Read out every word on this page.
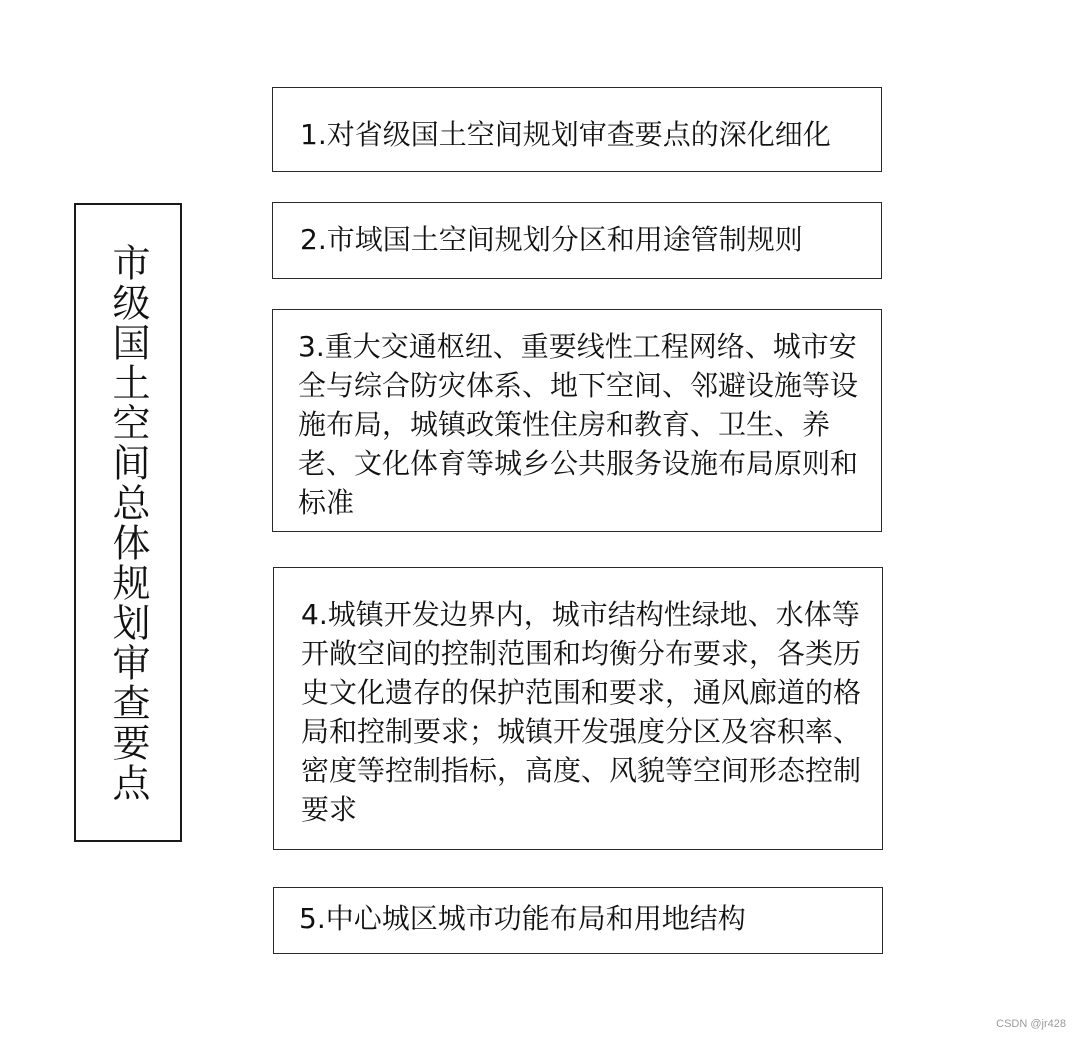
市级国土空间总体规划审查要点
1.对省级国土空间规划审查要点的深化细化
2.市域国土空间规划分区和用途管制规则
3.重大交通枢纽、重要线性工程网络、城市安全与综合防灾体系、地下空间、邻避设施等设施布局，城镇政策性住房和教育、卫生、养老、文化体育等城乡公共服务设施布局原则和标准
4.城镇开发边界内，城市结构性绿地、水体等开敞空间的控制范围和均衡分布要求，各类历史文化遗存的保护范围和要求，通风廊道的格局和控制要求；城镇开发强度分区及容积率、密度等控制指标，高度、风貌等空间形态控制要求
5.中心城区城市功能布局和用地结构
CSDN @jr428
